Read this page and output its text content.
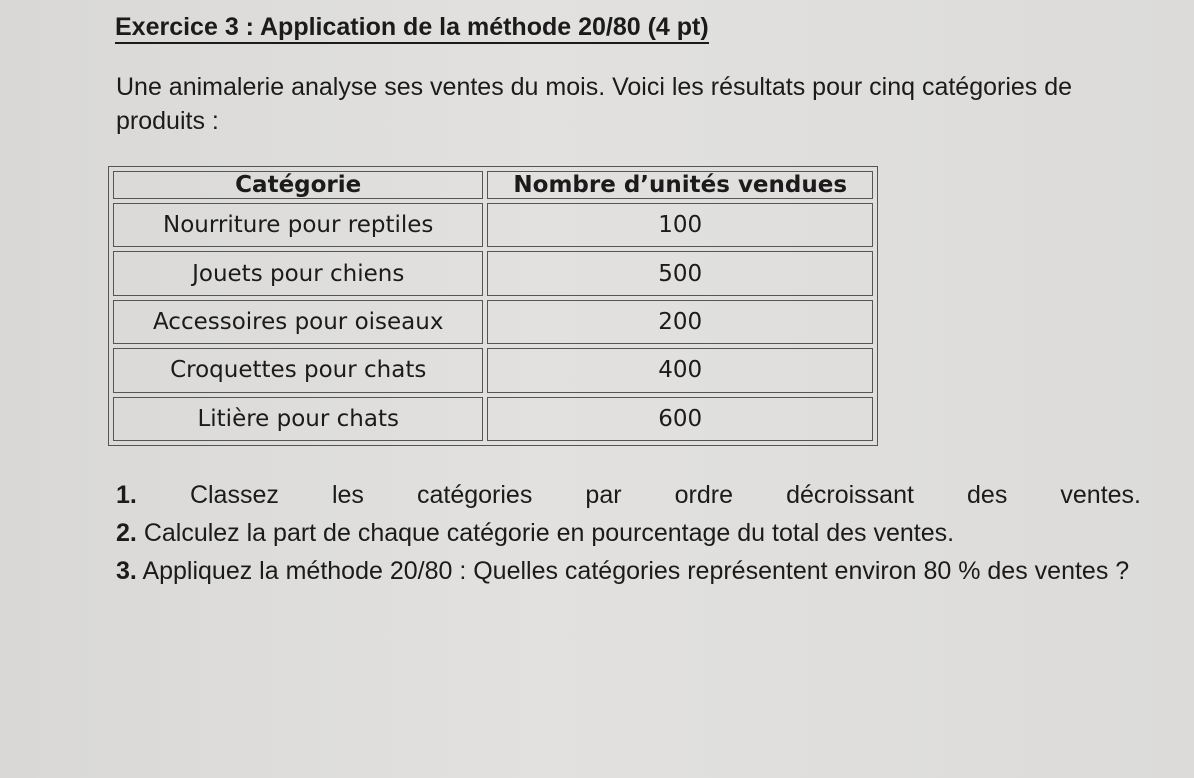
Exercice 3 : Application de la méthode 20/80 (4 pt)
Une animalerie analyse ses ventes du mois. Voici les résultats pour cinq catégories de produits :
Catégorie	Nombre d’unités vendues
Nourriture pour reptiles	100
Jouets pour chiens	500
Accessoires pour oiseaux	200
Croquettes pour chats	400
Litière pour chats	600

1. Classez les catégories par ordre décroissant des ventes.

2. Calculez la part de chaque catégorie en pourcentage du total des ventes.

3. Appliquez la méthode 20/80 : Quelles catégories représentent environ 80 % des ventes ?
